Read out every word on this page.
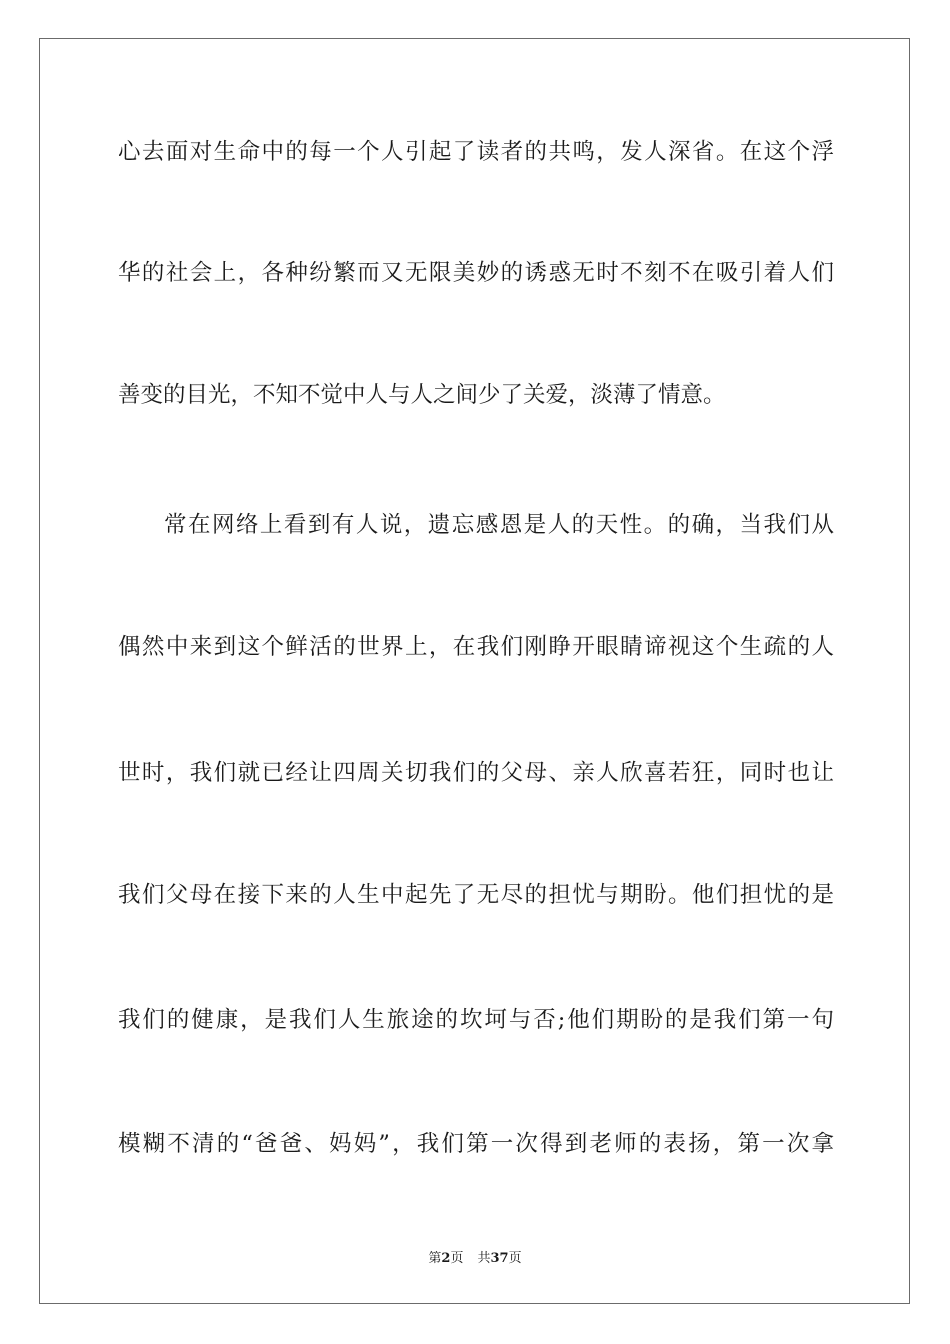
心去面对生命中的每一个人引起了读者的共鸣，发人深省。在这个浮
华的社会上，各种纷繁而又无限美妙的诱惑无时不刻不在吸引着人们
善变的目光，不知不觉中人与人之间少了关爱，淡薄了情意。
常在网络上看到有人说，遗忘感恩是人的天性。的确，当我们从
偶然中来到这个鲜活的世界上，在我们刚睁开眼睛谛视这个生疏的人
世时，我们就已经让四周关切我们的父母、亲人欣喜若狂，同时也让
我们父母在接下来的人生中起先了无尽的担忧与期盼。他们担忧的是
我们的健康，是我们人生旅途的坎坷与否;他们期盼的是我们第一句
模糊不清的“爸爸、妈妈”，我们第一次得到老师的表扬，第一次拿
第2页 共37页
